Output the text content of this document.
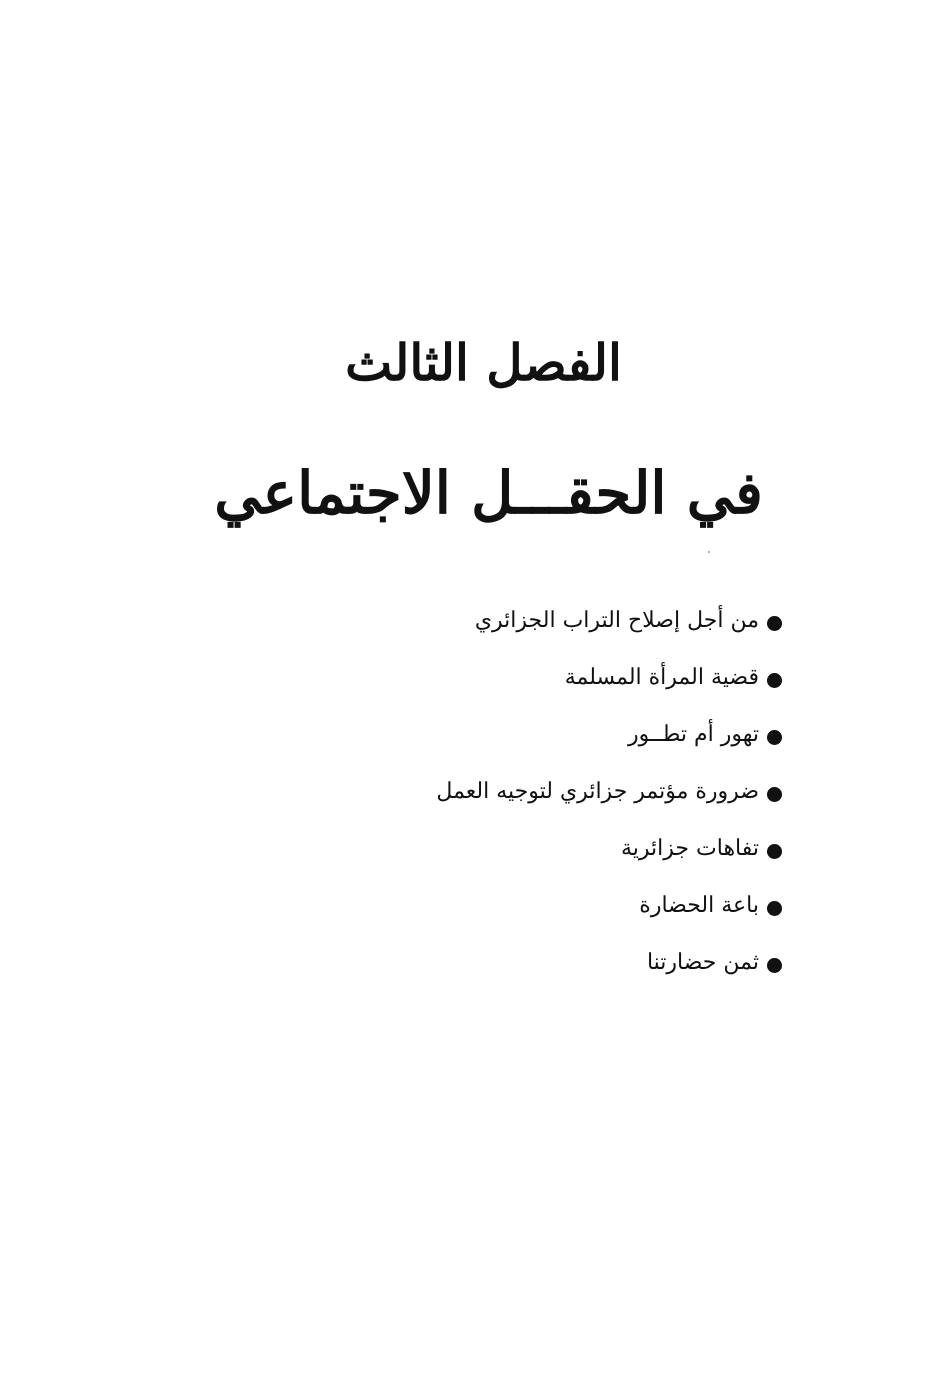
الفصل الثالث
في الحقـــل الاجتماعي
من أجل إصلاح التراب الجزائري
قضية المرأة المسلمة
تهور أم تطــور
ضرورة مؤتمر جزائري لتوجيه العمل
تفاهات جزائرية
باعة الحضارة
ثمن حضارتنا
